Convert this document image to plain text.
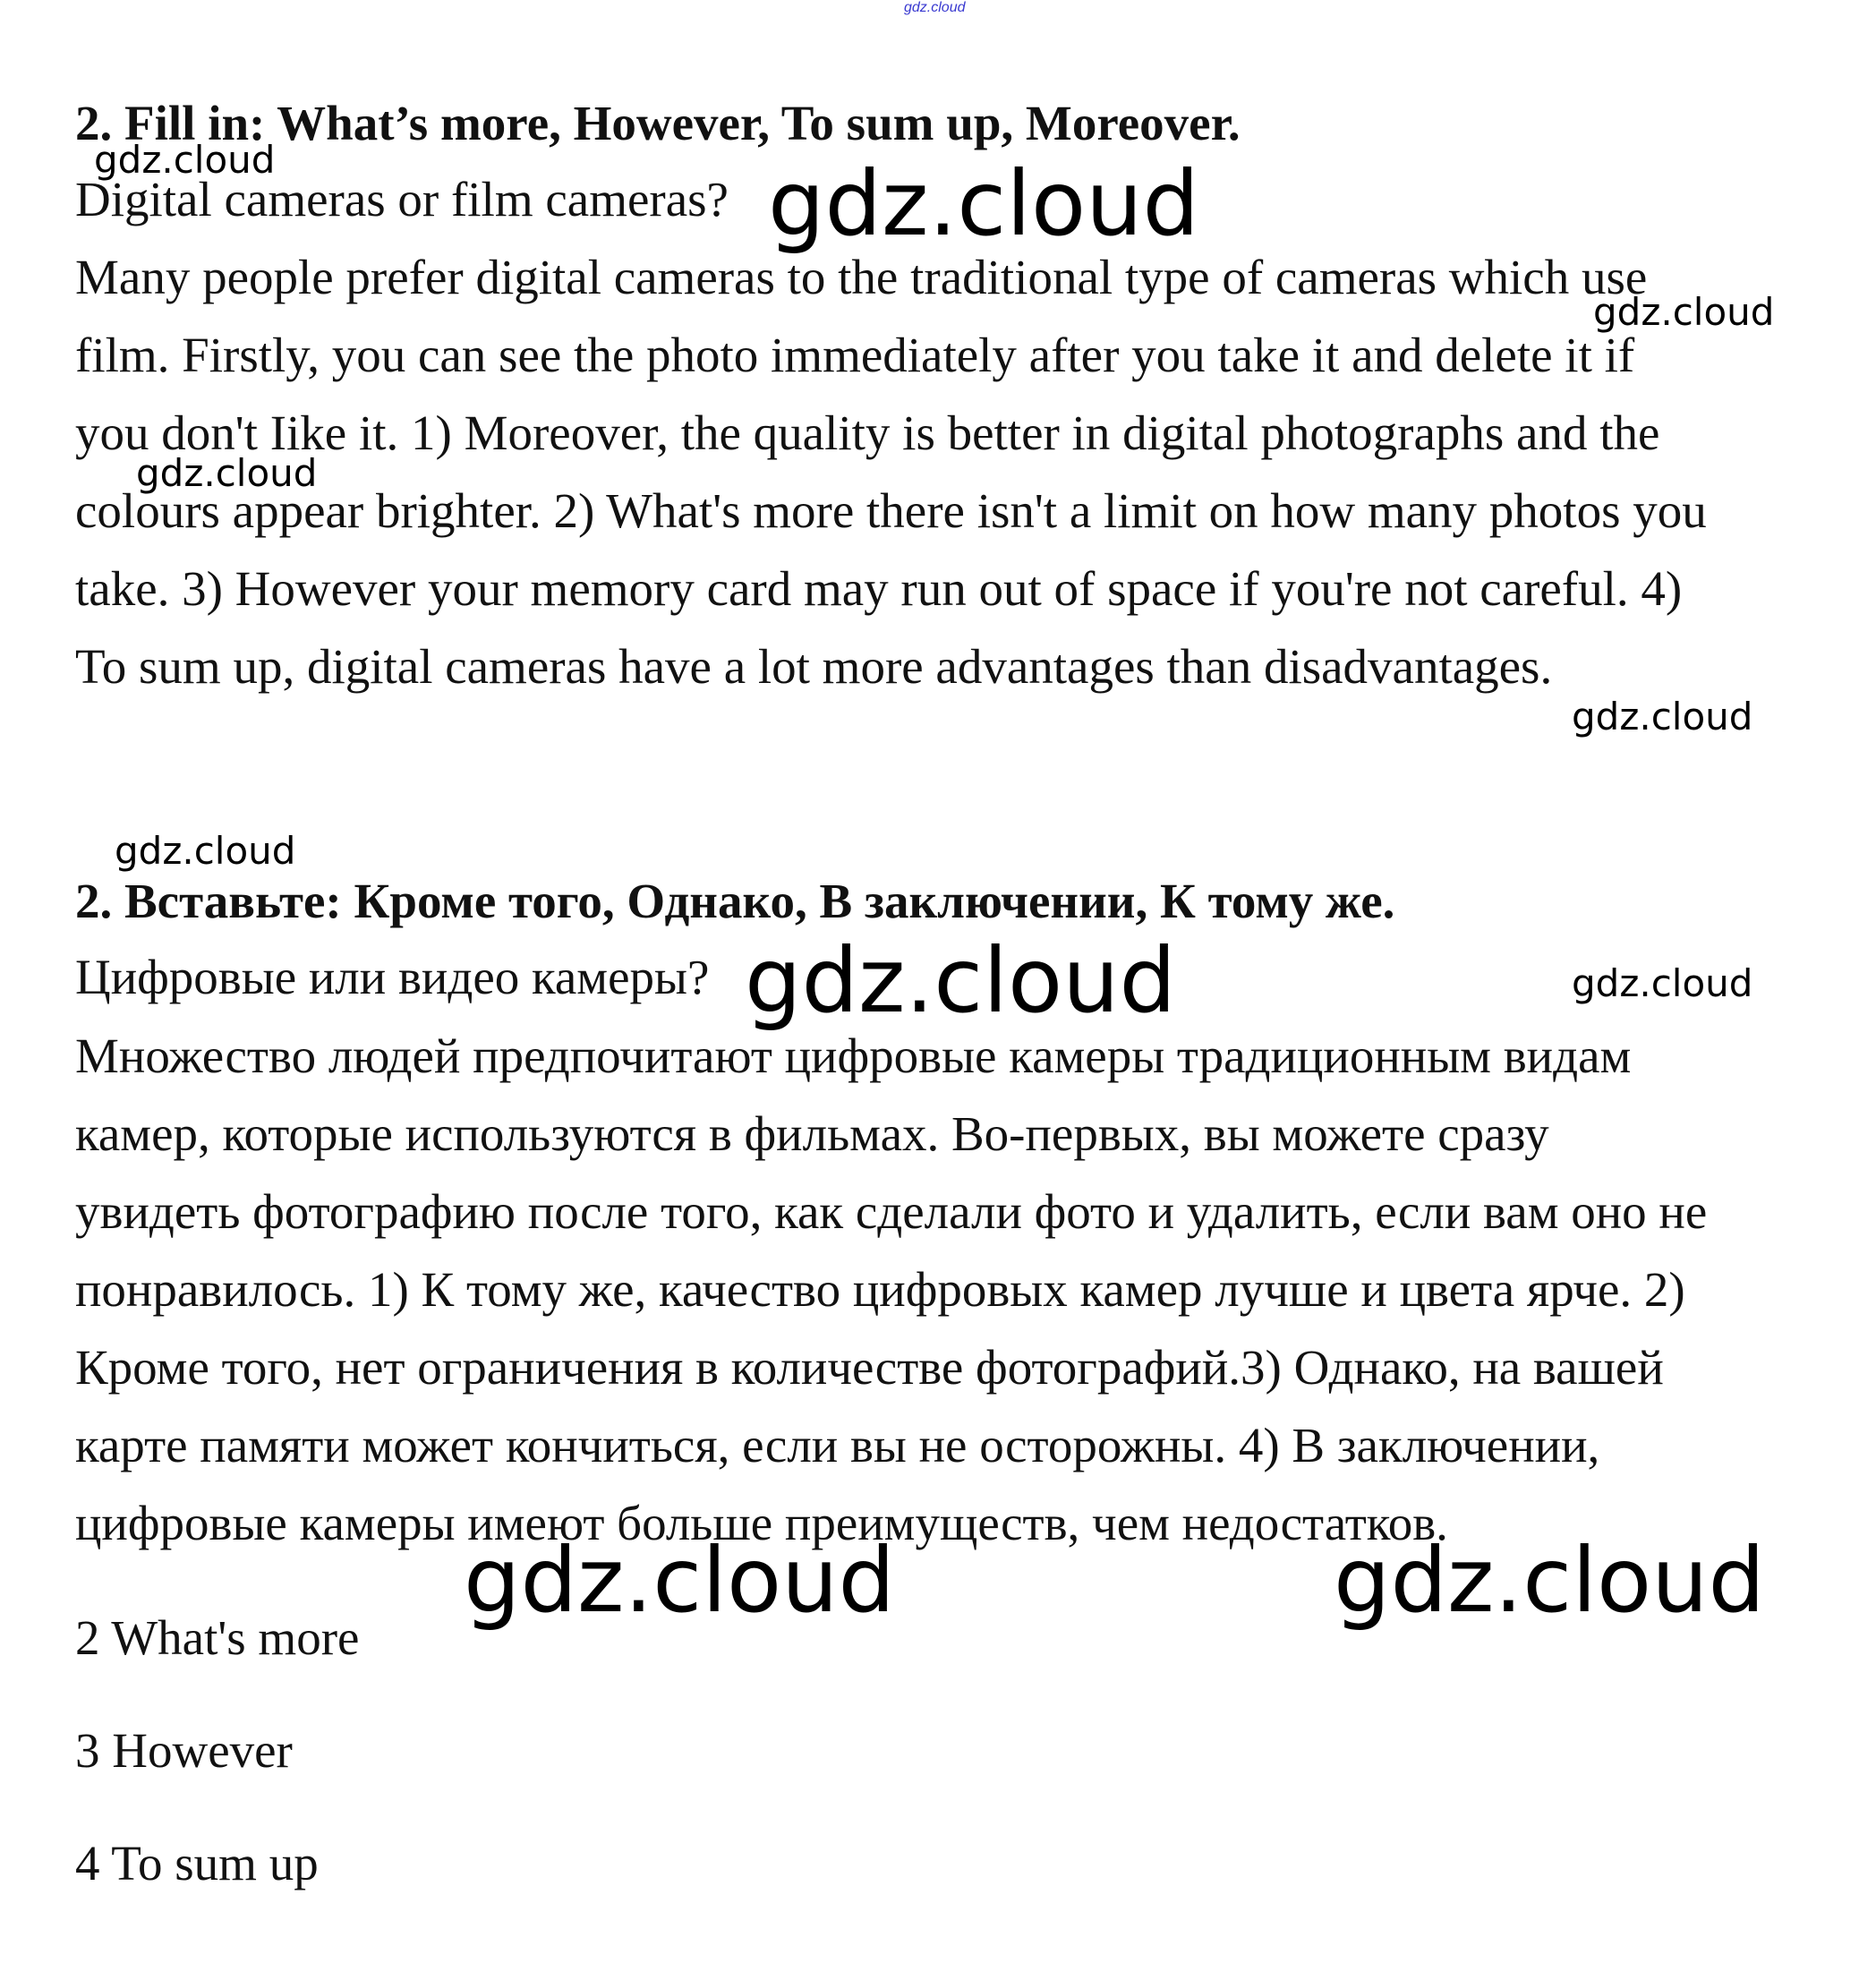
gdz.cloud
2. Fill in: What’s more, However, To sum up, Moreover.
Digital cameras or film cameras?
Many people prefer digital cameras to the traditional type of cameras which use
film. Firstly, you can see the photo immediately after you take it and delete it if
you don't Iike it. 1) Moreover, the quality is better in digital photographs and the
colours appear brighter. 2) What's more there isn't a limit on how many photos you
take. 3) However your memory card may run out of space if you're not careful. 4)
To sum up, digital cameras have a lot more advantages than disadvantages.
2. Вставьте: Кроме того, Однако, В заключении, К тому же.
Цифровые или видео камеры?
Множество людей предпочитают цифровые камеры традиционным видам
камер, которые используются в фильмах. Во-первых, вы можете сразу
увидеть фотографию после того, как сделали фото и удалить, если вам оно не
понравилось. 1) К тому же, качество цифровых камер лучше и цвета ярче. 2)
Кроме того, нет ограничения в количестве фотографий.3) Однако, на вашей
карте памяти может кончиться, если вы не осторожны. 4) В заключении,
цифровые камеры имеют больше преимуществ, чем недостатков.
2 What's more
3 However
4 To sum up
gdz.cloud	gdz.cloud
gdz.cloud
gdz.cloud
gdz.cloud
gdz.cloud
gdz.cloud	gdz.cloud
gdz.cloud	gdz.cloud
